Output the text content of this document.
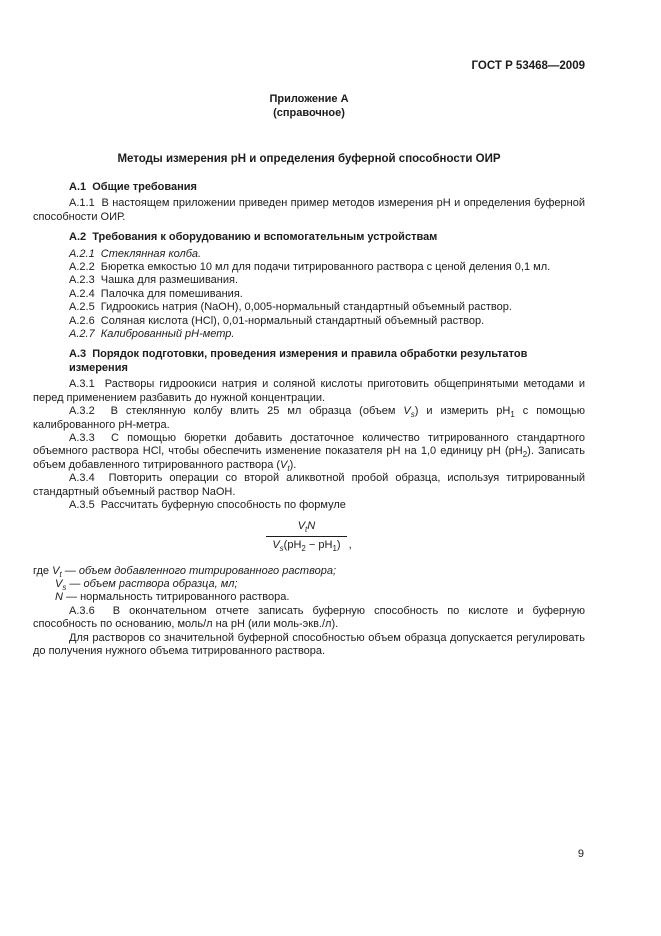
ГОСТ Р 53468—2009
Приложение А
(справочное)
Методы измерения pH и определения буферной способности ОИР
А.1  Общие требования
А.1.1  В настоящем приложении приведен пример методов измерения pH и определения буферной способности ОИР.
А.2  Требования к оборудованию и вспомогательным устройствам
А.2.1  Стеклянная колба.
А.2.2  Бюретка емкостью 10 мл для подачи титрированного раствора с ценой деления 0,1 мл.
А.2.3  Чашка для размешивания.
А.2.4  Палочка для помешивания.
А.2.5  Гидроокись натрия (NaOH), 0,005-нормальный стандартный объемный раствор.
А.2.6  Соляная кислота (HCl), 0,01-нормальный стандартный объемный раствор.
А.2.7  Калиброванный pH-метр.
А.3  Порядок подготовки, проведения измерения и правила обработки результатов измерения
А.3.1  Растворы гидроокиси натрия и соляной кислоты приготовить общепринятыми методами и перед применением разбавить до нужной концентрации.
А.3.2  В стеклянную колбу влить 25 мл образца (объем $V_s$) и измерить $pH_1$ с помощью калиброванного pH-метра.
А.3.3  С помощью бюретки добавить достаточное количество титрированного стандартного объемного раствора HCl, чтобы обеспечить изменение показателя pH на 1,0 единицу pH $(pH_2)$. Записать объем добавленного титрированного раствора $(V_t)$.
А.3.4  Повторить операции со второй аликвотной пробой образца, используя титрированный стандартный объемный раствор NaOH.
А.3.5  Рассчитать буферную способность по формуле
$\frac{V_tN}{V_s(pH_2 - pH_1)}$ ,
где $V_t$ — объем добавленного титрированного раствора;
$V_s$ — объем раствора образца, мл;
N — нормальность титрированного раствора.
А.3.6  В окончательном отчете записать буферную способность по кислоте и буферную способность по основанию, моль/л на pH (или моль-экв./л).
Для растворов со значительной буферной способностью объем образца допускается регулировать до получения нужного объема титрированного раствора.
9
